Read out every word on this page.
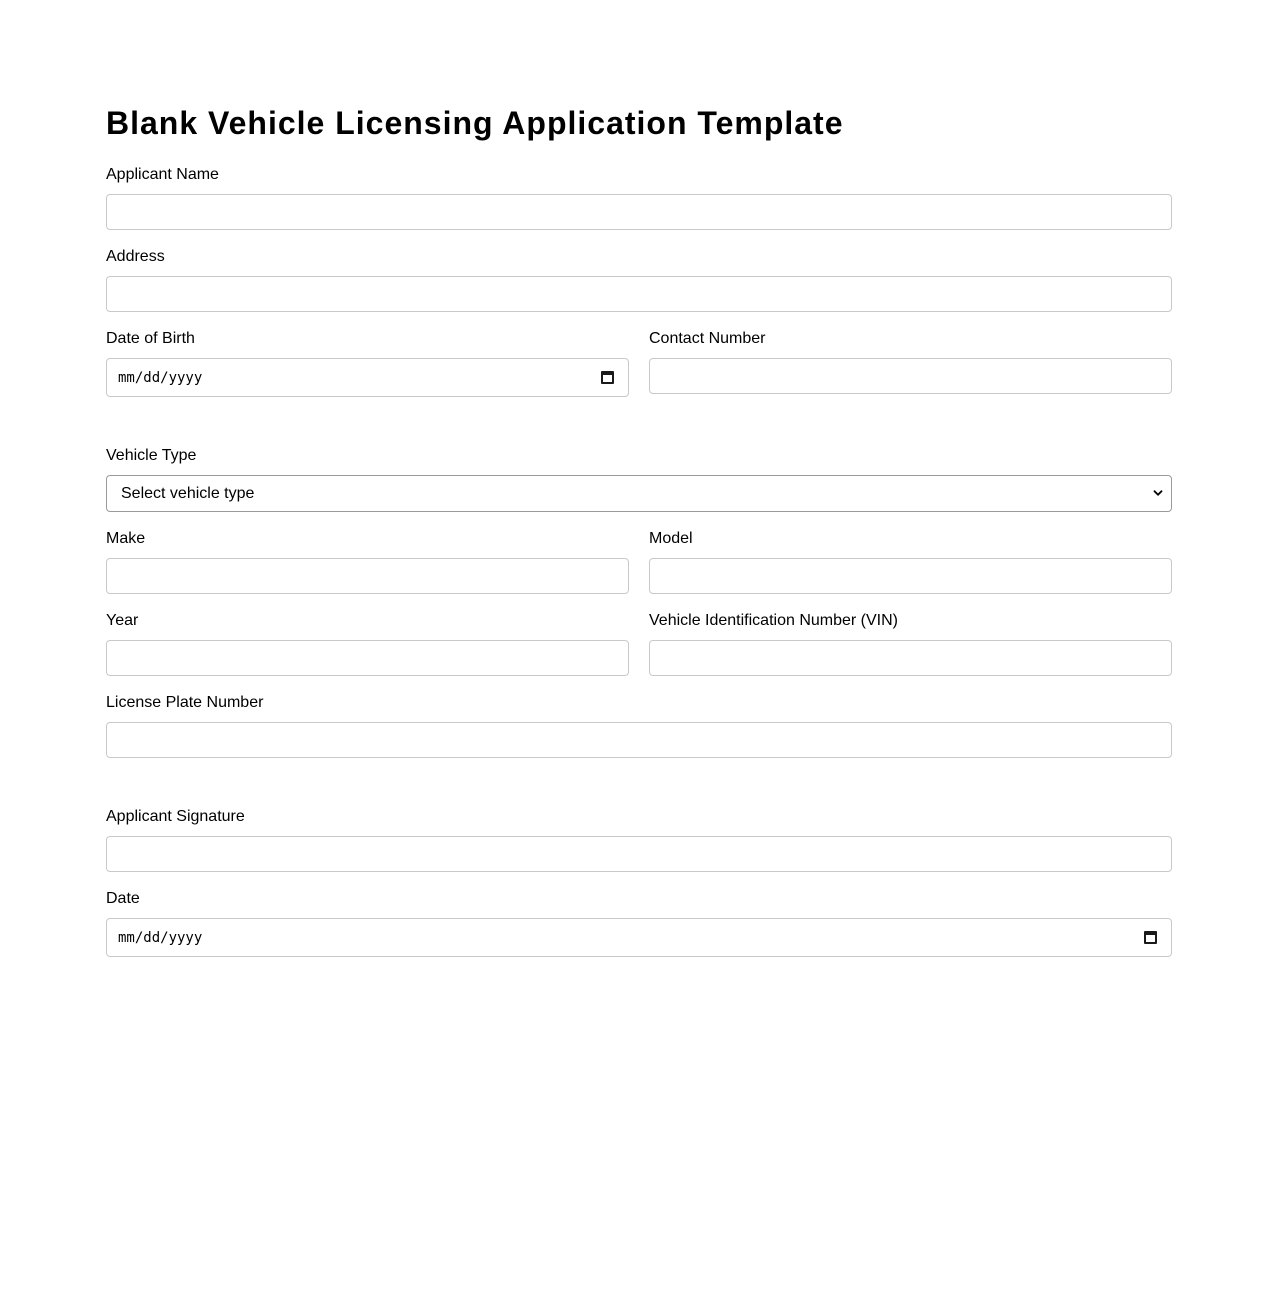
Blank Vehicle Licensing Application Template
Applicant Name
Address
Date of Birth
mm/dd/yyyy
Contact Number
Vehicle Type
Select vehicle type
Make	Model
Year	Vehicle Identification Number (VIN)
License Plate Number
Applicant Signature
Date
mm/dd/yyyy
